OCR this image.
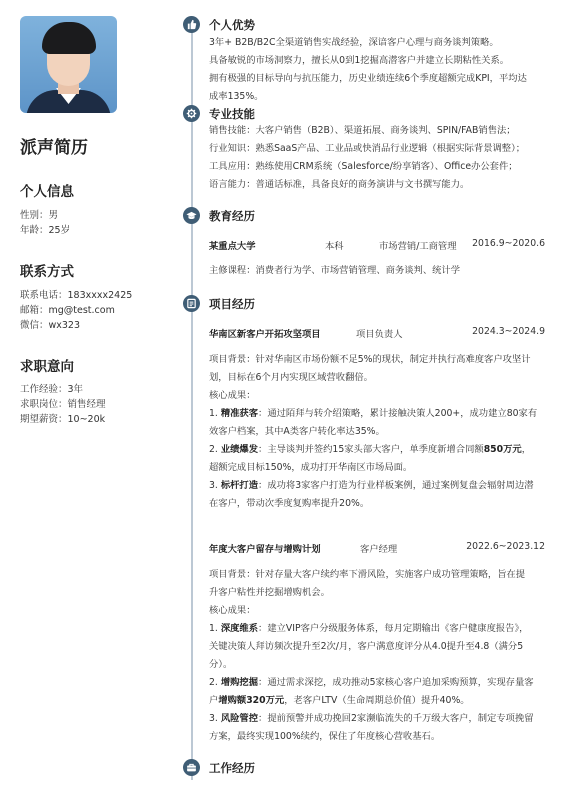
派声简历
个人信息
性别：男
年龄：25岁
联系方式
联系电话：183xxxx2425
邮箱：mg@test.com
微信：wx323
求职意向
工作经验：3年
求职岗位：销售经理
期望薪资：10~20k
个人优势
3年+ B2B/B2C全渠道销售实战经验，深谙客户心理与商务谈判策略。
具备敏锐的市场洞察力，擅长从0到1挖掘高潜客户并建立长期粘性关系。
拥有极强的目标导向与抗压能力，历史业绩连续6个季度超额完成KPI，平均达
成率135%。
专业技能
销售技能：大客户销售（B2B）、渠道拓展、商务谈判、SPIN/FAB销售法；
行业知识：熟悉SaaS产品、工业品或快消品行业逻辑（根据实际背景调整）；
工具应用：熟练使用CRM系统（Salesforce/纷享销客）、Office办公套件；
语言能力：普通话标准，具备良好的商务演讲与文书撰写能力。
教育经历
某重点大学	本科	市场营销/工商管理 2016.9~2020.6
主修课程：消费者行为学、市场营销管理、商务谈判、统计学
项目经历
华南区新客户开拓攻坚项目	项目负责人	2024.3~2024.9
项目背景：针对华南区市场份额不足5%的现状，制定并执行高难度客户攻坚计
划，目标在6个月内实现区域营收翻倍。
核心成果：
1. 精准获客：通过陌拜与转介绍策略，累计接触决策人200+，成功建立80家有
效客户档案，其中A类客户转化率达35%。
2. 业绩爆发：主导谈判并签约15家头部大客户，单季度新增合同额850万元，
超额完成目标150%，成功打开华南区市场局面。
3. 标杆打造：成功将3家客户打造为行业样板案例，通过案例复盘会辐射周边潜
在客户，带动次季度复购率提升20%。
年度大客户留存与增购计划	客户经理	2022.6~2023.12
项目背景：针对存量大客户续约率下滑风险，实施客户成功管理策略，旨在提
升客户粘性并挖掘增购机会。
核心成果：
1. 深度维系：建立VIP客户分级服务体系，每月定期输出《客户健康度报告》，
关键决策人拜访频次提升至2次/月，客户满意度评分从4.0提升至4.8（满分5
分）。
2. 增购挖掘：通过需求深挖，成功推动5家核心客户追加采购预算，实现存量客
户增购额320万元，老客户LTV（生命周期总价值）提升40%。
3. 风险管控：提前预警并成功挽回2家濒临流失的千万级大客户，制定专项挽留
方案，最终实现100%续约，保住了年度核心营收基石。
工作经历
